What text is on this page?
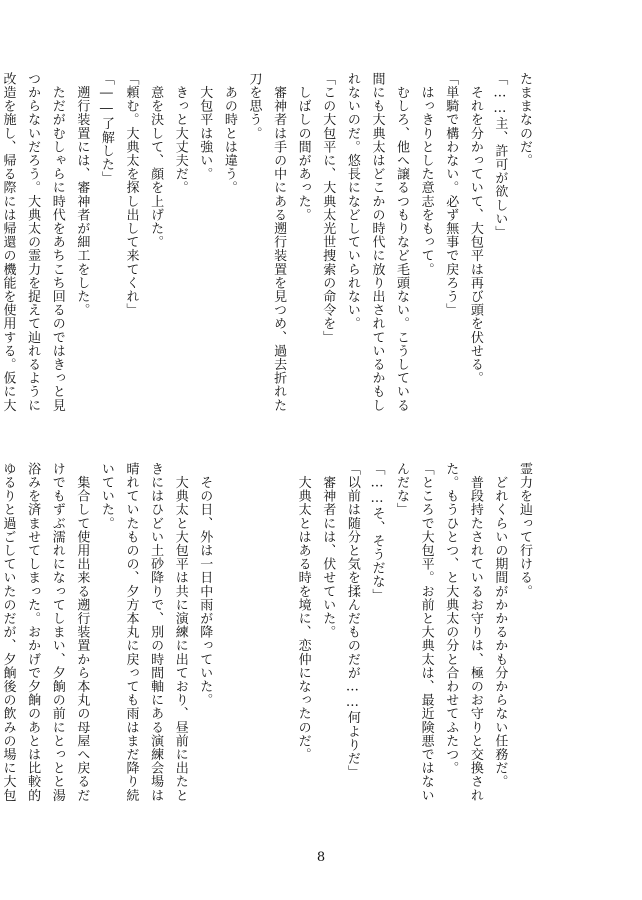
たままなのだ。
「……主、許可が欲しい」
　それを分かっていて、大包平は再び頭を伏せる。
「単騎で構わない。必ず無事で戻ろう」
　はっきりとした意志をもって。
　むしろ、他へ譲るつもりなど毛頭ない。こうしている
間にも大典太はどこかの時代に放り出されているかもし
れないのだ。悠長になどしていられない。
「この大包平に、大典太光世捜索の命令を」
　しばしの間があった。
　審神者は手の中にある遡行装置を見つめ、過去折れた
刀を思う。
　あの時とは違う。
　大包平は強い。
　きっと大丈夫だ。
　意を決して、顔を上げた。
「頼む。大典太を探し出して来てくれ」
「――了解した」
　遡行装置には、審神者が細工をした。
　ただがむしゃらに時代をあちこち回るのではきっと見
つからないだろう。大典太の霊力を捉えて辿れるように
改造を施し、帰る際には帰還の機能を使用する。仮に大

霊力を辿って行ける。
　どれくらいの期間がかかるかも分からない任務だ。
　普段持たされているお守りは、極のお守りと交換され
た。もうひとつ、と大典太の分と合わせてふたつ。
「ところで大包平。お前と大典太は、最近険悪ではない
んだな」
「……そ、そうだな」
「以前は随分と気を揉んだものだが……何よりだ」
　審神者には、伏せていた。
　大典太とはある時を境に、恋仲になったのだ。

　その日、外は一日中雨が降っていた。
　大典太と大包平は共に演練に出ており、昼前に出たと
きにはひどい土砂降りで、別の時間軸にある演練会場は
晴れていたものの、夕方本丸に戻っても雨はまだ降り続
いていた。
　集合して使用出来る遡行装置から本丸の母屋へ戻るだ
けでもずぶ濡れになってしまい、夕餉の前にとっとと湯
浴みを済ませてしまった。おかげで夕餉のあとは比較的
ゆるりと過ごしていたのだが、夕餉後の飲みの場に大包

8
